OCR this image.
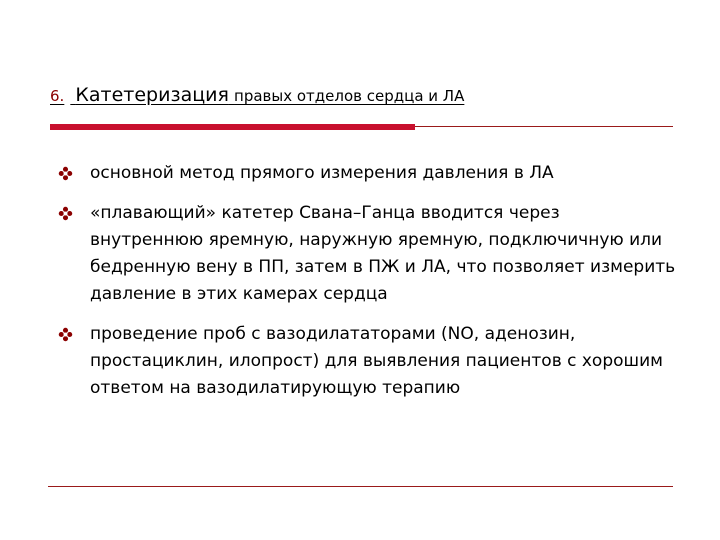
6. Катетеризация правых отделов сердца и ЛА
основной метод прямого измерения давления в ЛА
«плавающий» катетер Свана–Ганца вводится через внутреннюю яремную, наружную яремную, подключичную или бедренную вену в ПП, затем в ПЖ и ЛА, что позволяет измерить давление в этих камерах сердца
проведение проб с вазодилататорами (NO, аденозин, простациклин, илопрост) для выявления пациентов с хорошим ответом на вазодилатирующую терапию
